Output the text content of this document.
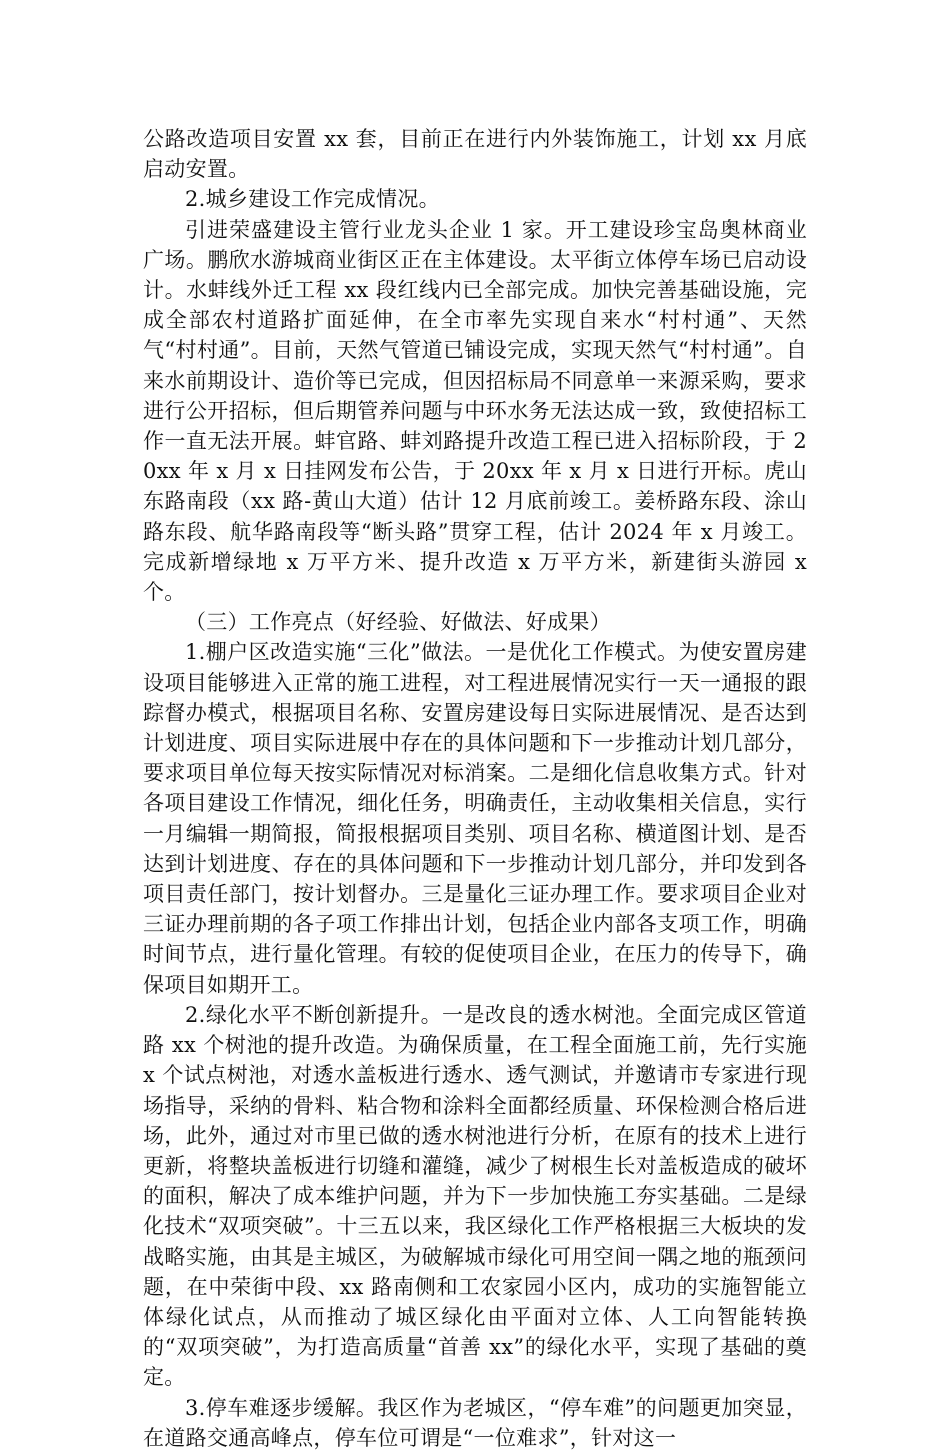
公路改造项目安置 xx 套，目前正在进行内外装饰施工，计划 xx 月底启动安置。

2.城乡建设工作完成情况。

引进荣盛建设主管行业龙头企业 1 家。开工建设珍宝岛奥林商业广场。鹏欣水游城商业街区正在主体建设。太平街立体停车场已启动设计。水蚌线外迁工程 xx 段红线内已全部完成。加快完善基础设施，完成全部农村道路扩面延伸，在全市率先实现自来水“村村通”、天然气“村村通”。目前，天然气管道已铺设完成，实现天然气“村村通”。自来水前期设计、造价等已完成，但因招标局不同意单一来源采购，要求进行公开招标，但后期管养问题与中环水务无法达成一致，致使招标工作一直无法开展。蚌官路、蚌刘路提升改造工程已进入招标阶段，于 20xx 年 x 月 x 日挂网发布公告，于 20xx 年 x 月 x 日进行开标。虎山东路南段（xx 路-黄山大道）估计 12 月底前竣工。姜桥路东段、涂山路东段、航华路南段等“断头路”贯穿工程，估计 2024 年 x 月竣工。完成新增绿地 x 万平方米、提升改造 x 万平方米，新建街头游园 x 个。

（三）工作亮点（好经验、好做法、好成果）

1.棚户区改造实施“三化”做法。一是优化工作模式。为使安置房建设项目能够进入正常的施工进程，对工程进展情况实行一天一通报的跟踪督办模式，根据项目名称、安置房建设每日实际进展情况、是否达到计划进度、项目实际进展中存在的具体问题和下一步推动计划几部分，要求项目单位每天按实际情况对标消案。二是细化信息收集方式。针对各项目建设工作情况，细化任务，明确责任，主动收集相关信息，实行一月编辑一期简报，简报根据项目类别、项目名称、横道图计划、是否达到计划进度、存在的具体问题和下一步推动计划几部分，并印发到各项目责任部门，按计划督办。三是量化三证办理工作。要求项目企业对三证办理前期的各子项工作排出计划，包括企业内部各支项工作，明确时间节点，进行量化管理。有较的促使项目企业，在压力的传导下，确保项目如期开工。

2.绿化水平不断创新提升。一是改良的透水树池。全面完成区管道路 xx 个树池的提升改造。为确保质量，在工程全面施工前，先行实施 x 个试点树池，对透水盖板进行透水、透气测试，并邀请市专家进行现场指导，采纳的骨料、粘合物和涂料全面都经质量、环保检测合格后进场，此外，通过对市里已做的透水树池进行分析，在原有的技术上进行更新，将整块盖板进行切缝和灌缝，减少了树根生长对盖板造成的破坏的面积，解决了成本维护问题，并为下一步加快施工夯实基础。二是绿化技术“双项突破”。十三五以来，我区绿化工作严格根据三大板块的发战略实施，由其是主城区，为破解城市绿化可用空间一隅之地的瓶颈问题，在中荣街中段、xx 路南侧和工农家园小区内，成功的实施智能立体绿化试点，从而推动了城区绿化由平面对立体、人工向智能转换的“双项突破”，为打造高质量“首善 xx”的绿化水平，实现了基础的奠定。

3.停车难逐步缓解。我区作为老城区，“停车难”的问题更加突显，在道路交通高峰点，停车位可谓是“一位难求”，针对这一
